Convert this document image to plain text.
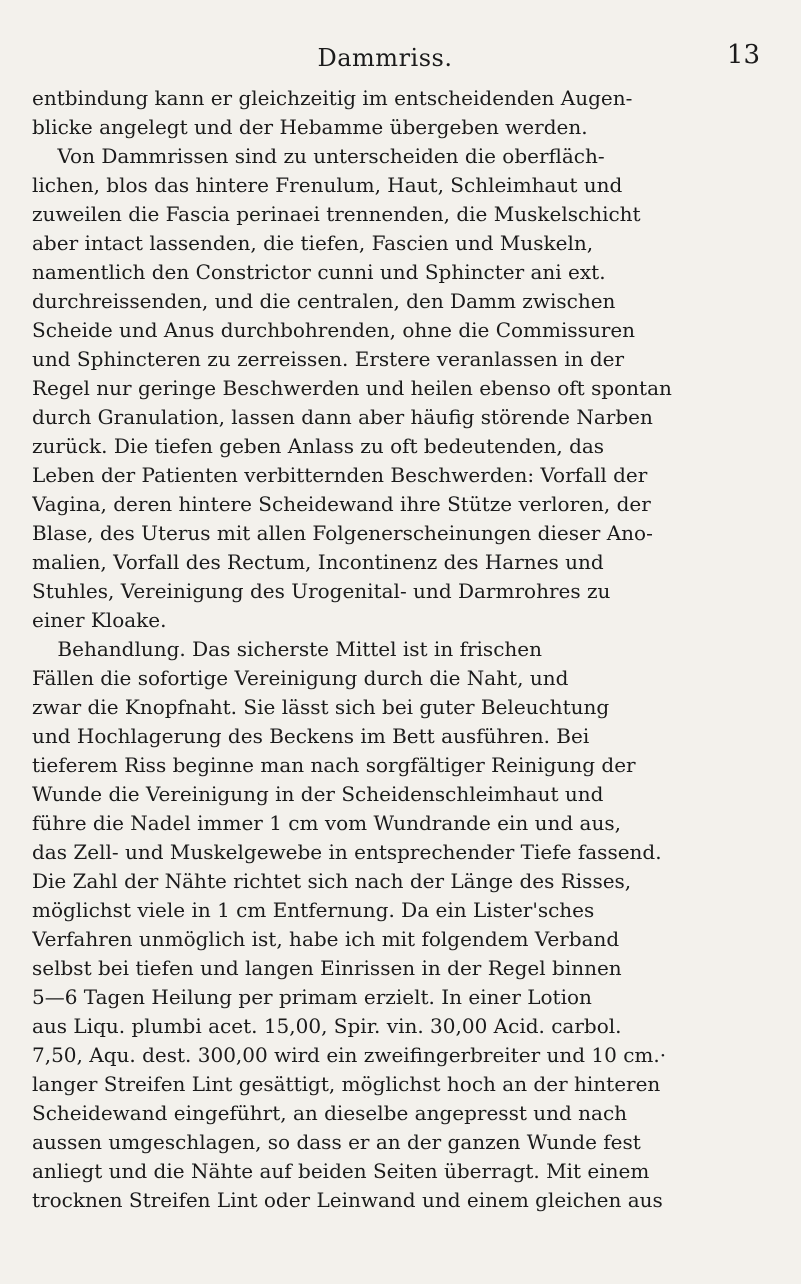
Dammriss.	13
entbindung kann er gleichzeitig im entscheidenden Augen-
blicke angelegt und der Hebamme übergeben werden.
Von Dammrissen sind zu unterscheiden die oberfläch-
lichen, blos das hintere Frenulum, Haut, Schleimhaut und
zuweilen die Fascia perinaei trennenden, die Muskelschicht
aber intact lassenden, die tiefen, Fascien und Muskeln,
namentlich den Constrictor cunni und Sphincter ani ext.
durchreissenden, und die centralen, den Damm zwischen
Scheide und Anus durchbohrenden, ohne die Commissuren
und Sphincteren zu zerreissen. Erstere veranlassen in der
Regel nur geringe Beschwerden und heilen ebenso oft spontan
durch Granulation, lassen dann aber häufig störende Narben
zurück. Die tiefen geben Anlass zu oft bedeutenden, das
Leben der Patienten verbitternden Beschwerden: Vorfall der
Vagina, deren hintere Scheidewand ihre Stütze verloren, der
Blase, des Uterus mit allen Folgenerscheinungen dieser Ano-
malien, Vorfall des Rectum, Incontinenz des Harnes und
Stuhles, Vereinigung des Urogenital- und Darmrohres zu
einer Kloake.
Behandlung. Das sicherste Mittel ist in frischen
Fällen die sofortige Vereinigung durch die Naht, und
zwar die Knopfnaht. Sie lässt sich bei guter Beleuchtung
und Hochlagerung des Beckens im Bett ausführen. Bei
tieferem Riss beginne man nach sorgfältiger Reinigung der
Wunde die Vereinigung in der Scheidenschleimhaut und
führe die Nadel immer 1 cm vom Wundrande ein und aus,
das Zell- und Muskelgewebe in entsprechender Tiefe fassend.
Die Zahl der Nähte richtet sich nach der Länge des Risses,
möglichst viele in 1 cm Entfernung. Da ein Lister'sches
Verfahren unmöglich ist, habe ich mit folgendem Verband
selbst bei tiefen und langen Einrissen in der Regel binnen
5—6 Tagen Heilung per primam erzielt. In einer Lotion
aus Liqu. plumbi acet. 15,00, Spir. vin. 30,00 Acid. carbol.
7,50, Aqu. dest. 300,00 wird ein zweifingerbreiter und 10 cm.·
langer Streifen Lint gesättigt, möglichst hoch an der hinteren
Scheidewand eingeführt, an dieselbe angepresst und nach
aussen umgeschlagen, so dass er an der ganzen Wunde fest
anliegt und die Nähte auf beiden Seiten überragt. Mit einem
trocknen Streifen Lint oder Leinwand und einem gleichen aus
